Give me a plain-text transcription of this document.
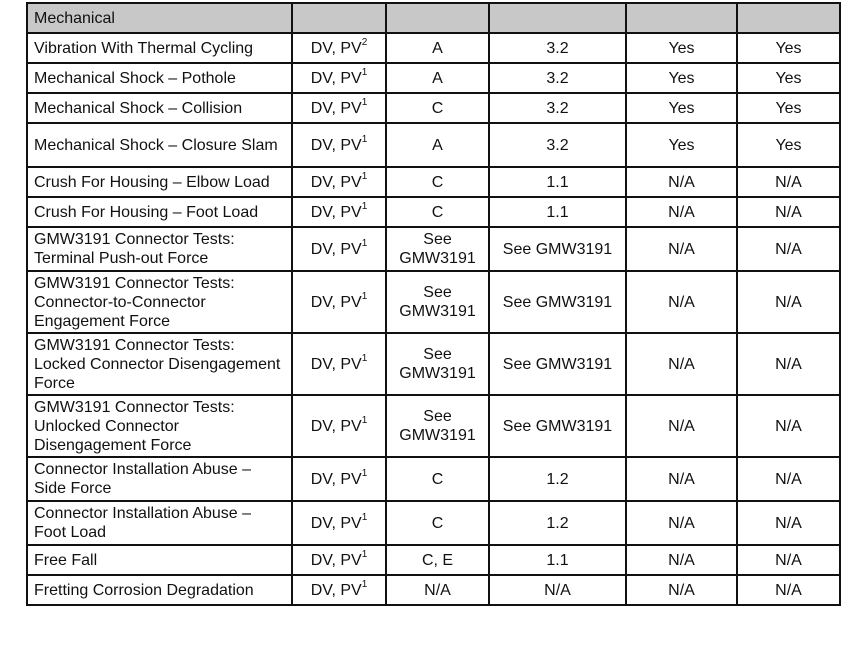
Mechanical					
Vibration With Thermal Cycling	DV, $PV^2$	A	3.2	Yes	Yes
Mechanical Shock – Pothole	DV, $PV^1$	A	3.2	Yes	Yes
Mechanical Shock – Collision	DV, $PV^1$	C	3.2	Yes	Yes
Mechanical Shock – Closure Slam	DV, $PV^1$	A	3.2	Yes	Yes
Crush For Housing – Elbow Load	DV, $PV^1$	C	1.1	N/A	N/A
Crush For Housing – Foot Load	DV, $PV^1$	C	1.1	N/A	N/A
GMW3191 Connector Tests: Terminal Push-out Force	DV, $PV^1$	See GMW3191	See GMW3191	N/A	N/A
GMW3191 Connector Tests: Connector-to-Connector Engagement Force	DV, $PV^1$	See GMW3191	See GMW3191	N/A	N/A
GMW3191 Connector Tests: Locked Connector Disengagement Force	DV, $PV^1$	See GMW3191	See GMW3191	N/A	N/A
GMW3191 Connector Tests: Unlocked Connector Disengagement Force	DV, $PV^1$	See GMW3191	See GMW3191	N/A	N/A
Connector Installation Abuse – Side Force	DV, $PV^1$	C	1.2	N/A	N/A
Connector Installation Abuse – Foot Load	DV, $PV^1$	C	1.2	N/A	N/A
Free Fall	DV, $PV^1$	C, E	1.1	N/A	N/A
Fretting Corrosion Degradation	DV, $PV^1$	N/A	N/A	N/A	N/A
